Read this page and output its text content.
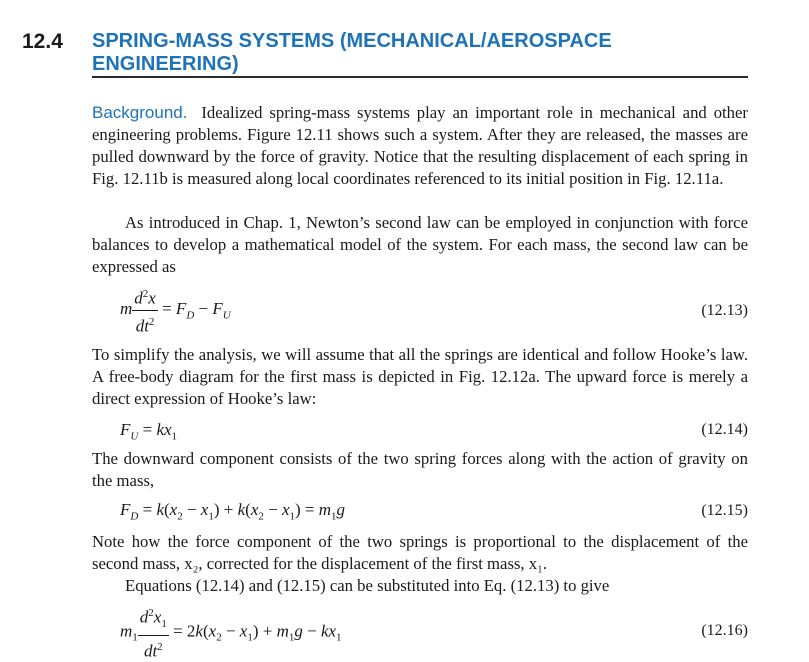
12.4 SPRING-MASS SYSTEMS (MECHANICAL/AEROSPACE ENGINEERING)
Background. Idealized spring-mass systems play an important role in mechanical and other engineering problems. Figure 12.11 shows such a system. After they are released, the masses are pulled downward by the force of gravity. Notice that the resulting displacement of each spring in Fig. 12.11b is measured along local coordinates referenced to its initial position in Fig. 12.11a.
As introduced in Chap. 1, Newton’s second law can be employed in conjunction with force balances to develop a mathematical model of the system. For each mass, the second law can be expressed as
m $\frac{d^2x}{dt^2} = F_D - F_U$	(12.13)
To simplify the analysis, we will assume that all the springs are identical and follow Hooke’s law. A free-body diagram for the first mass is depicted in Fig. 12.12a. The upward force is merely a direct expression of Hooke’s law:
$F_U = kx_1$	(12.14)
The downward component consists of the two spring forces along with the action of gravity on the mass,
$F_D = k(x_2 - x_1) + k(x_2 - x_1) = m_1g$	(12.15)
Note how the force component of the two springs is proportional to the displacement of the second mass, x₂, corrected for the displacement of the first mass, x₁.
Equations (12.14) and (12.15) can be substituted into Eq. (12.13) to give
$m_1 \frac{d^2x_1}{dt^2} = 2k(x_2 - x_1) + m_1g - kx_1$	(12.16)
